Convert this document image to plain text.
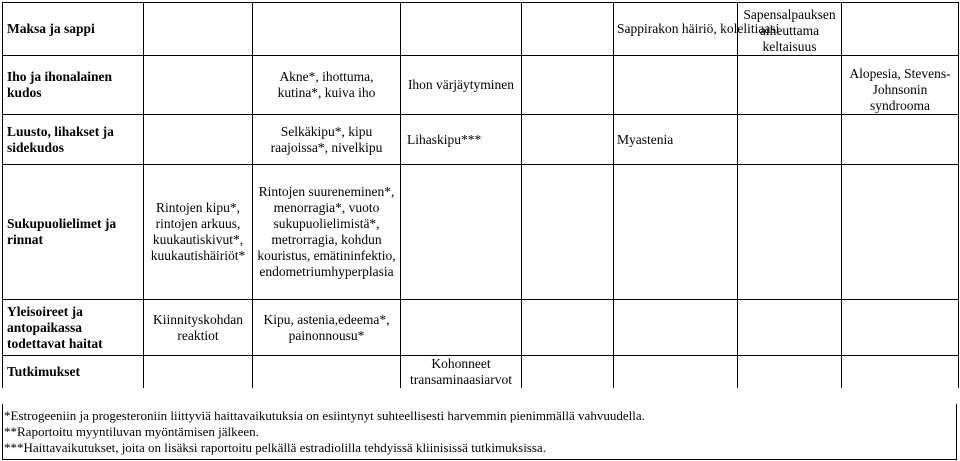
Maksa ja sappi					Sappirakon häiriö, kolelitiaasi	Sapensalpauksen aiheuttama keltaisuus	
Iho ja ihonalainen kudos		Akne*, ihottuma, kutina*, kuiva iho	Ihon värjäytyminen				Alopesia, Stevens-Johnsonin syndrooma
Luusto, lihakset ja sidekudos		Selkäkipu*, kipu raajoissa*, nivelkipu	Lihaskipu***		Myastenia		
Sukupuolielimet ja rinnat	Rintojen kipu*, rintojen arkuus, kuukautiskivut*, kuukautishäiriöt*	Rintojen suureneminen*, menorragia*, vuoto sukupuolielimistä*, metrorragia, kohdun kouristus, emätininfektio, endometriumhyperplasia					
Yleisoireet ja antopaikassa todettavat haitat	Kiinnityskohdan reaktiot	Kipu, astenia,edeema*, painonnousu*					
Tutkimukset			Kohonneet transaminaasiarvot				
*Estrogeeniin ja progesteroniin liittyviä haittavaikutuksia on esiintynyt suhteellisesti harvemmin pienimmällä vahvuudella.
**Raportoitu myyntiluvan myöntämisen jälkeen.
***Haittavaikutukset, joita on lisäksi raportoitu pelkällä estradiolilla tehdyissä kliinisissä tutkimuksissa.
